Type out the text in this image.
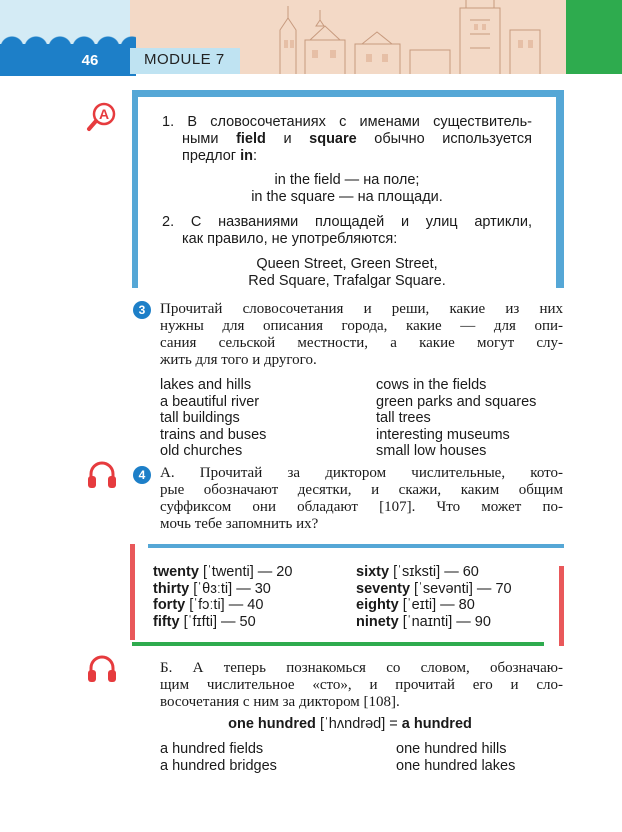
46	MODULE 7
A	1. В словосочетаниях с именами существитель-
ными field и square обычно используется
предлог in:
in the field — на поле;
in the square — на площади.
2. С названиями площадей и улиц артикли,
как правило, не употребляются:
Queen Street, Green Street,
Red Square, Trafalgar Square.
3 Прочитай словосочетания и реши, какие из них
нужны для описания города, какие — для опи-
сания сельской местности, а какие могут слу-
жить для того и другого.
lakes and hills
a beautiful river
tall buildings
trains and buses
old churches
cows in the fields
green parks and squares
tall trees
interesting museums
small low houses
4 А. Прочитай за диктором числительные, кото-
рые обозначают десятки, и скажи, каким общим
суффиксом они обладают [107]. Что может по-
мочь тебе запомнить их?
twenty [ˈtwenti] — 20
thirty [ˈθɜːti] — 30
forty [ˈfɔːti] — 40
fifty [ˈfɪfti] — 50
sixty [ˈsɪksti] — 60
seventy [ˈsevənti] — 70
eighty [ˈeɪti] — 80
ninety [ˈnaɪnti] — 90
Б. А теперь познакомься со словом, обозначаю-
щим числительное «сто», и прочитай его и сло-
восочетания с ним за диктором [108].
one hundred [ˈhʌndrəd] = a hundred
a hundred fields
a hundred bridges
one hundred hills
one hundred lakes
